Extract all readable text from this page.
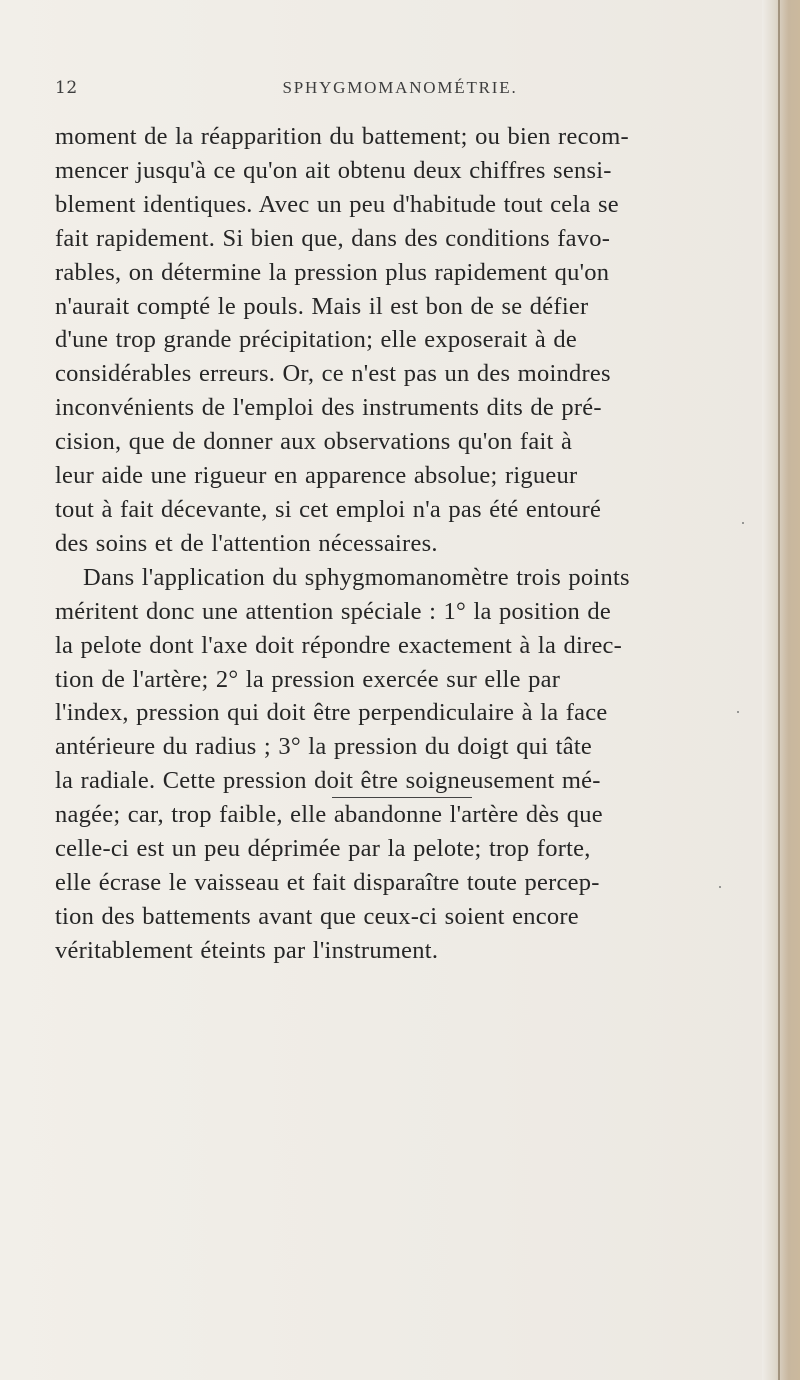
12	SPHYGMOMANOMÉTRIE.
moment de la réapparition du battement; ou bien recom-
mencer jusqu'à ce qu'on ait obtenu deux chiffres sensi-
blement identiques. Avec un peu d'habitude tout cela se
fait rapidement. Si bien que, dans des conditions favo-
rables, on détermine la pression plus rapidement qu'on
n'aurait compté le pouls. Mais il est bon de se défier
d'une trop grande précipitation; elle exposerait à de
considérables erreurs. Or, ce n'est pas un des moindres
inconvénients de l'emploi des instruments dits de pré-
cision, que de donner aux observations qu'on fait à
leur aide une rigueur en apparence absolue; rigueur
tout à fait décevante, si cet emploi n'a pas été entouré
des soins et de l'attention nécessaires.
Dans l'application du sphygmomanomètre trois points
méritent donc une attention spéciale : 1° la position de
la pelote dont l'axe doit répondre exactement à la direc-
tion de l'artère; 2° la pression exercée sur elle par
l'index, pression qui doit être perpendiculaire à la face
antérieure du radius ; 3° la pression du doigt qui tâte
la radiale. Cette pression doit être soigneusement mé-
nagée; car, trop faible, elle abandonne l'artère dès que
celle-ci est un peu déprimée par la pelote; trop forte,
elle écrase le vaisseau et fait disparaître toute percep-
tion des battements avant que ceux-ci soient encore
véritablement éteints par l'instrument.
